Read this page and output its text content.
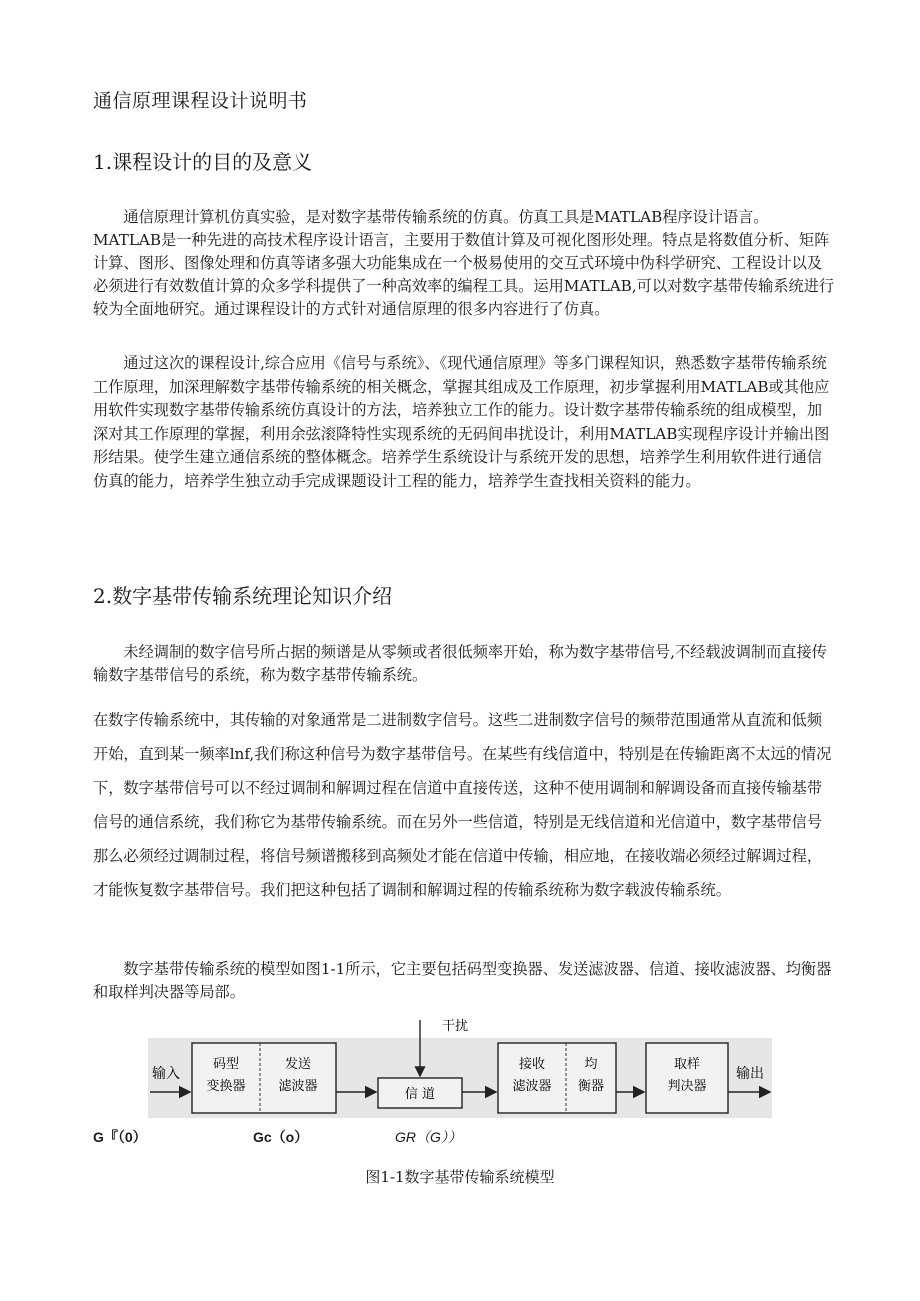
通信原理课程设计说明书
1.课程设计的目的及意义

通信原理计算机仿真实验，是对数字基带传输系统的仿真。仿真工具是MATLAB程序设计语言。MATLAB是一种先进的高技术程序设计语言，主要用于数值计算及可视化图形处理。特点是将数值分析、矩阵计算、图形、图像处理和仿真等诸多强大功能集成在一个极易使用的交互式环境中伪科学研究、工程设计以及必须进行有效数值计算的众多学科提供了一种高效率的编程工具。运用MATLAB,可以对数字基带传输系统进行较为全面地研究。通过课程设计的方式针对通信原理的很多内容进行了仿真。

通过这次的课程设计,综合应用《信号与系统》、《现代通信原理》等多门课程知识，熟悉数字基带传输系统工作原理，加深理解数字基带传输系统的相关概念，掌握其组成及工作原理，初步掌握利用MATLAB或其他应用软件实现数字基带传输系统仿真设计的方法，培养独立工作的能力。设计数字基带传输系统的组成模型，加深对其工作原理的掌握，利用余弦滚降特性实现系统的无码间串扰设计，利用MATLAB实现程序设计并输出图形结果。使学生建立通信系统的整体概念。培养学生系统设计与系统开发的思想，培养学生利用软件进行通信仿真的能力，培养学生独立动手完成课题设计工程的能力，培养学生查找相关资料的能力。

2.数字基带传输系统理论知识介绍

未经调制的数字信号所占据的频谱是从零频或者很低频率开始，称为数字基带信号,不经载波调制而直接传输数字基带信号的系统，称为数字基带传输系统。

在数字传输系统中，其传输的对象通常是二进制数字信号。这些二进制数字信号的频带范围通常从直流和低频开始，直到某一频率lnf,我们称这种信号为数字基带信号。在某些有线信道中，特别是在传输距离不太远的情况下，数字基带信号可以不经过调制和解调过程在信道中直接传送，这种不使用调制和解调设备而直接传输基带信号的通信系统，我们称它为基带传输系统。而在另外一些信道，特别是无线信道和光信道中，数字基带信号那么必须经过调制过程，将信号频谱搬移到高频处才能在信道中传输，相应地，在接收端必须经过解调过程，才能恢复数字基带信号。我们把这种包括了调制和解调过程的传输系统称为数字载波传输系统。

数字基带传输系统的模型如图1-1所示，它主要包括码型变换器、发送滤波器、信道、接收滤波器、均衡器和取样判决器等局部。

输入
码型
变换器
发送
滤波器
干扰
信 道
接收
滤波器
均
衡器
取样
判决器
输出
G『（0）	Gc（o）	GR（G））
图1-1数字基带传输系统模型
